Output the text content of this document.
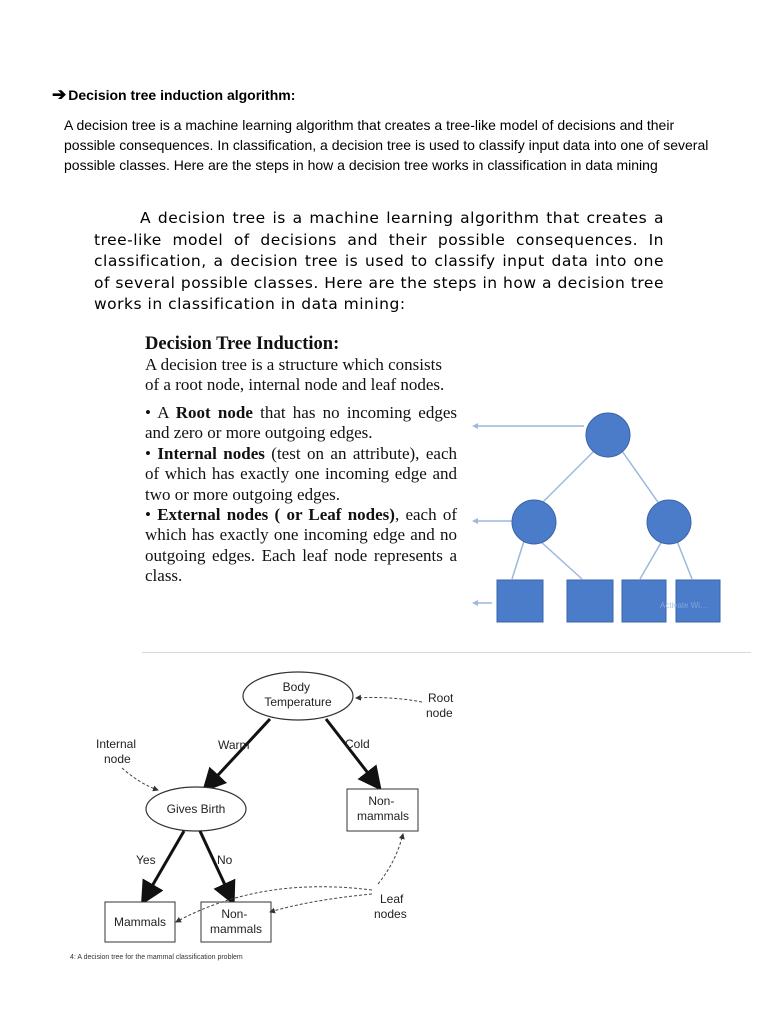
➔ Decision tree induction algorithm:
A decision tree is a machine learning algorithm that creates a tree-like model of decisions and their possible consequences. In classification, a decision tree is used to classify input data into one of several possible classes. Here are the steps in how a decision tree works in classification in data mining
A decision tree is a machine learning algorithm that creates a tree-like model of decisions and their possible consequences. In classification, a decision tree is used to classify input data into one of several possible classes. Here are the steps in how a decision tree works in classification in data mining:
Decision Tree Induction:
A decision tree is a structure which consists of a root node, internal node and leaf nodes.

• A Root node that has no incoming edges and zero or more outgoing edges.

• Internal nodes (test on an attribute), each of which has exactly one incoming edge and two or more outgoing edges.

• External nodes ( or Leaf nodes), each of which has exactly one incoming edge and no outgoing edges. Each leaf node represents a class.

Activate Wi…
Body Temperature	Root node
Warm	Cold
Internal node
Gives Birth
Non- mammals
Yes	No
Mammals
Non- mammals
Leaf nodes
4: A decision tree for the mammal classification problem
